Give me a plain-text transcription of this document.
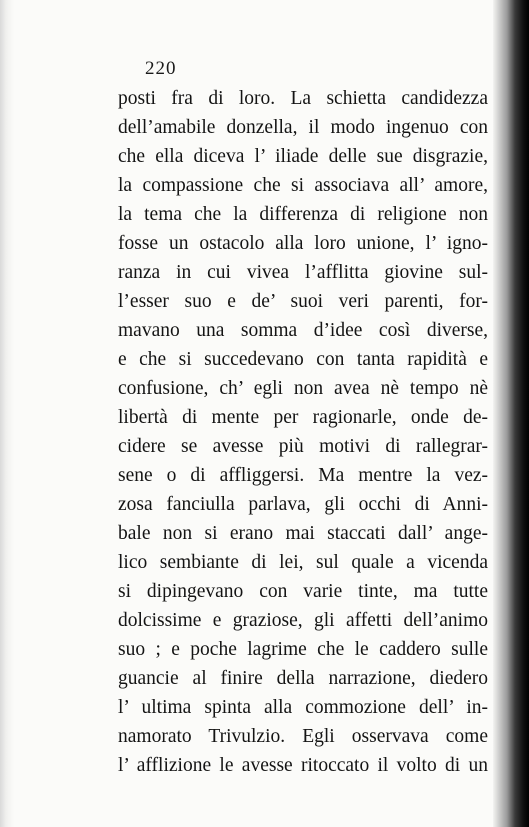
220
posti fra di loro. La schietta candidezza
dell’amabile donzella, il modo ingenuo con
che ella diceva l’ iliade delle sue disgrazie,
la compassione che si associava all’ amore,
la tema che la differenza di religione non
fosse un ostacolo alla loro unione, l’ igno-
ranza in cui vivea l’afflitta giovine sul-
l’esser suo e de’ suoi veri parenti, for-
mavano una somma d’idee così diverse,
e che si succedevano con tanta rapidità e
confusione, ch’ egli non avea nè tempo nè
libertà di mente per ragionarle, onde de-
cidere se avesse più motivi di rallegrar-
sene o di affliggersi. Ma mentre la vez-
zosa fanciulla parlava, gli occhi di Anni-
bale non si erano mai staccati dall’ ange-
lico sembiante di lei, sul quale a vicenda
si dipingevano con varie tinte, ma tutte
dolcissime e graziose, gli affetti dell’animo
suo ; e poche lagrime che le caddero sulle
guancie al finire della narrazione, diedero
l’ ultima spinta alla commozione dell’ in-
namorato Trivulzio. Egli osservava come
l’ afflizione le avesse ritoccato il volto di un
